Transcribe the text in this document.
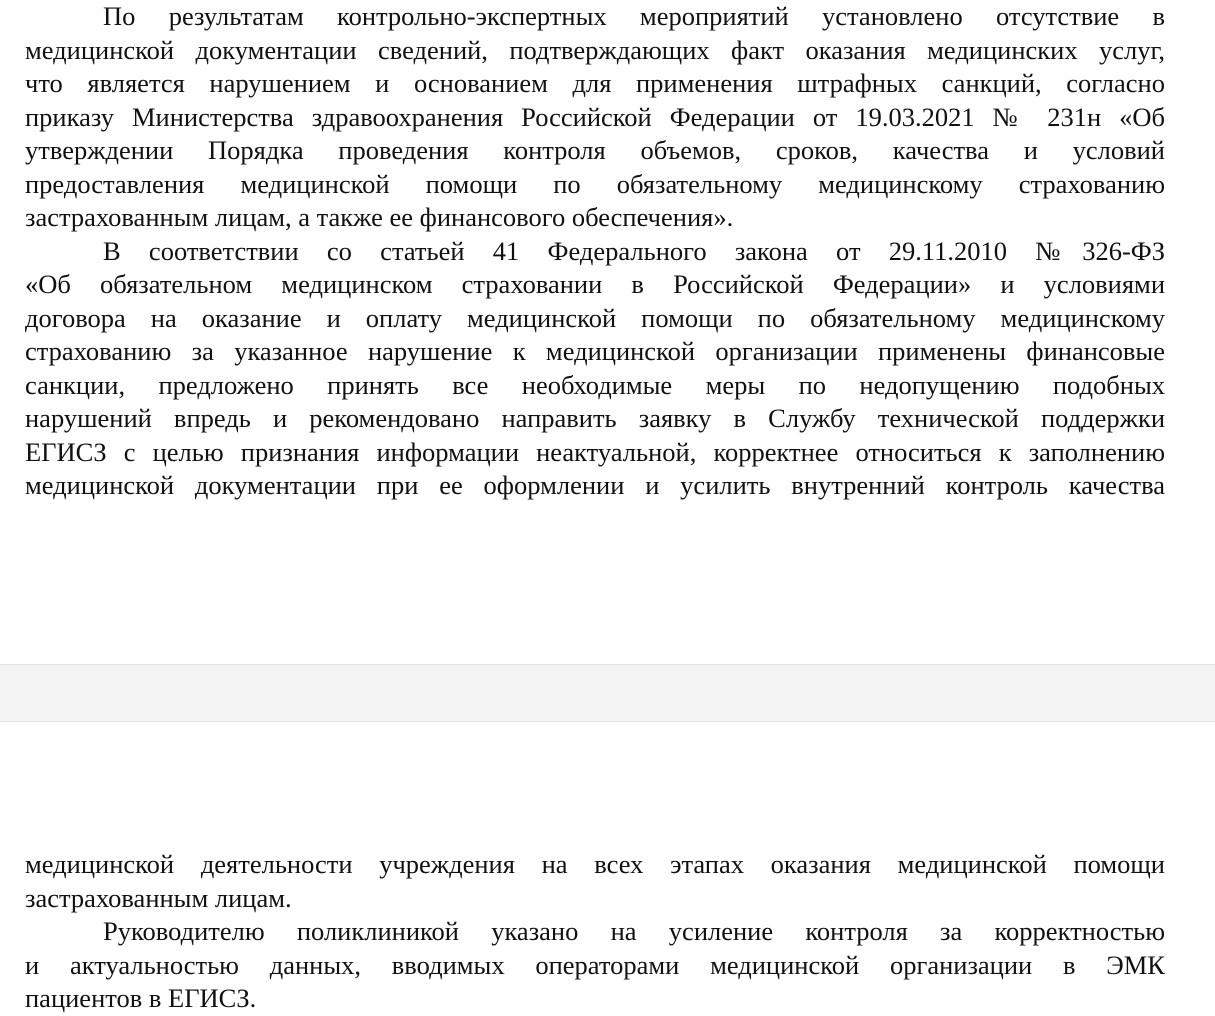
По результатам контрольно-экспертных мероприятий установлено отсутствие в
медицинской документации сведений, подтверждающих факт оказания медицинских услуг,
что является нарушением и основанием для применения штрафных санкций, согласно
приказу Министерства здравоохранения Российской Федерации от 19.03.2021 № 231н «Об
утверждении Порядка проведения контроля объемов, сроков, качества и условий
предоставления медицинской помощи по обязательному медицинскому страхованию
застрахованным лицам, а также ее финансового обеспечения».
В соответствии со статьей 41 Федерального закона от 29.11.2010 №326-ФЗ
«Об обязательном медицинском страховании в Российской Федерации» и условиями
договора на оказание и оплату медицинской помощи по обязательному медицинскому
страхованию за указанное нарушение к медицинской организации применены финансовые
санкции, предложено принять все необходимые меры по недопущению подобных
нарушений впредь и рекомендовано направить заявку в Службу технической поддержки
ЕГИСЗ с целью признания информации неактуальной, корректнее относиться к заполнению
медицинской документации при ее оформлении и усилить внутренний контроль качества
медицинской деятельности учреждения на всех этапах оказания медицинской помощи
застрахованным лицам.
Руководителю поликлиникой указано на усиление контроля за корректностью
и актуальностью данных, вводимых операторами медицинской организации в ЭМК
пациентов в ЕГИСЗ.
